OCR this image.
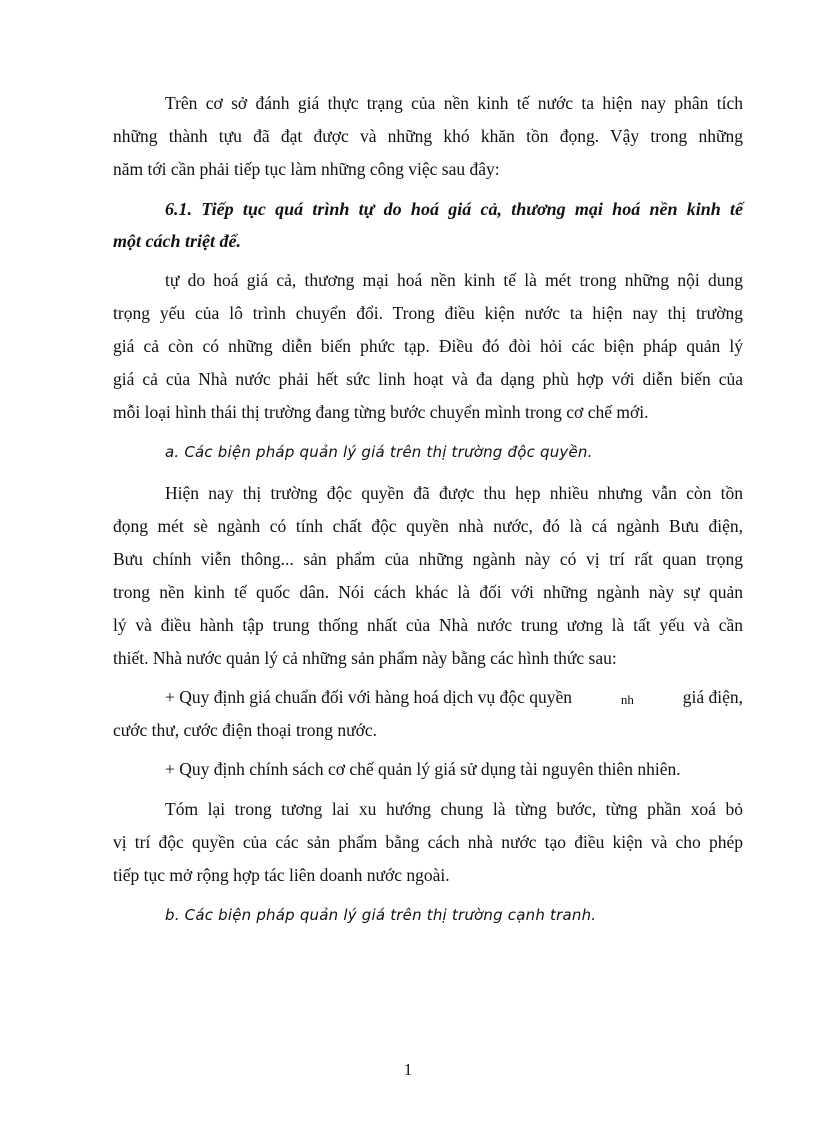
Trên cơ sở đánh giá thực trạng của nền kinh tế nước ta hiện nay phân tích
những thành tựu đã đạt được và những khó khăn tồn đọng. Vậy trong những
năm tới cần phải tiếp tục làm những công việc sau đây:
6.1. Tiếp tục quá trình tự do hoá giá cả, thương mại hoá nền kinh tế
một cách triệt để.
tự do hoá giá cả, thương mại hoá nền kinh tế là mét trong những nội dung
trọng yếu của lô trình chuyển đổi. Trong điều kiện nước ta hiện nay thị trường
giá cả còn có những diễn biến phức tạp. Điều đó đòi hỏi các biện pháp quản lý
giá cả của Nhà nước phải hết sức linh hoạt và đa dạng phù hợp với diễn biến của
mỗi loại hình thái thị trường đang từng bước chuyển mình trong cơ chế mới.
a. Các biện pháp quản lý giá trên thị trường độc quyền.
Hiện nay thị trường độc quyền đã được thu hẹp nhiều nhưng vẫn còn tồn
đọng mét sè ngành có tính chất độc quyền nhà nước, đó là cá ngành Bưu điện,
Bưu chính viễn thông... sản phẩm của những ngành này có vị trí rất quan trọng
trong nền kinh tế quốc dân. Nói cách khác là đối với những ngành này sự quản
lý và điều hành tập trung thống nhất của Nhà nước trung ương là tất yếu và cần
thiết. Nhà nước quản lý cả những sản phẩm này bằng các hình thức sau:
+ Quy định giá chuẩn đối với hàng hoá dịch vụ độc quyền	nh	giá điện,
cước thư, cước điện thoại trong nước.
+ Quy định chính sách cơ chế quản lý giá sử dụng tài nguyên thiên nhiên.
Tóm lại trong tương lai xu hướng chung là từng bước, từng phần xoá bỏ
vị trí độc quyền của các sản phẩm bằng cách nhà nước tạo điều kiện và cho phép
tiếp tục mở rộng hợp tác liên doanh nước ngoài.
b. Các biện pháp quản lý giá trên thị trường cạnh tranh.
1
